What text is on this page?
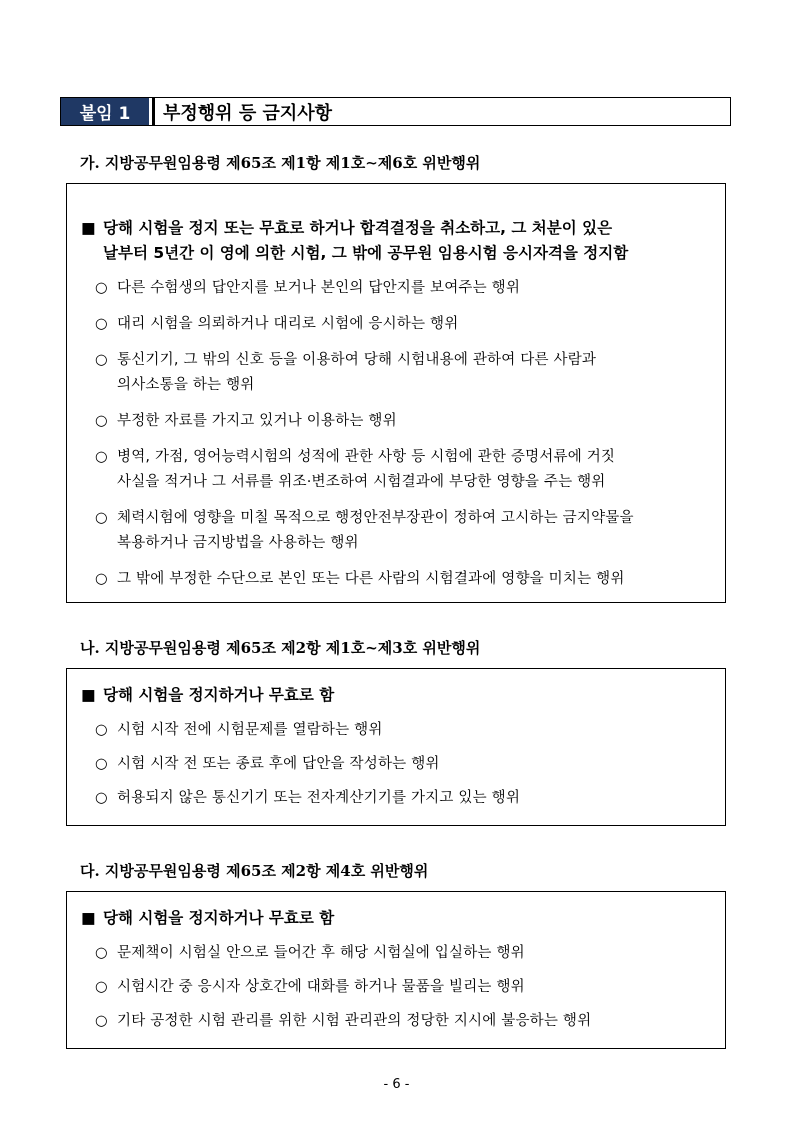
붙임 1	부정행위 등 금지사항
가. 지방공무원임용령 제65조 제1항 제1호∼제6호 위반행위
■ 당해 시험을 정지 또는 무효로 하거나 합격결정을 취소하고, 그 처분이 있은
날부터 5년간 이 영에 의한 시험, 그 밖에 공무원 임용시험 응시자격을 정지함
○ 다른 수험생의 답안지를 보거나 본인의 답안지를 보여주는 행위
○ 대리 시험을 의뢰하거나 대리로 시험에 응시하는 행위
○ 통신기기, 그 밖의 신호 등을 이용하여 당해 시험내용에 관하여 다른 사람과
의사소통을 하는 행위
○ 부정한 자료를 가지고 있거나 이용하는 행위
○ 병역, 가점, 영어능력시험의 성적에 관한 사항 등 시험에 관한 증명서류에 거짓
사실을 적거나 그 서류를 위조·변조하여 시험결과에 부당한 영향을 주는 행위
○ 체력시험에 영향을 미칠 목적으로 행정안전부장관이 정하여 고시하는 금지약물을
복용하거나 금지방법을 사용하는 행위
○ 그 밖에 부정한 수단으로 본인 또는 다른 사람의 시험결과에 영향을 미치는 행위
나. 지방공무원임용령 제65조 제2항 제1호~제3호 위반행위
■ 당해 시험을 정지하거나 무효로 함
○ 시험 시작 전에 시험문제를 열람하는 행위
○ 시험 시작 전 또는 종료 후에 답안을 작성하는 행위
○ 허용되지 않은 통신기기 또는 전자계산기기를 가지고 있는 행위
다. 지방공무원임용령 제65조 제2항 제4호 위반행위
■ 당해 시험을 정지하거나 무효로 함
○ 문제책이 시험실 안으로 들어간 후 해당 시험실에 입실하는 행위
○ 시험시간 중 응시자 상호간에 대화를 하거나 물품을 빌리는 행위
○ 기타 공정한 시험 관리를 위한 시험 관리관의 정당한 지시에 불응하는 행위
- 6 -
